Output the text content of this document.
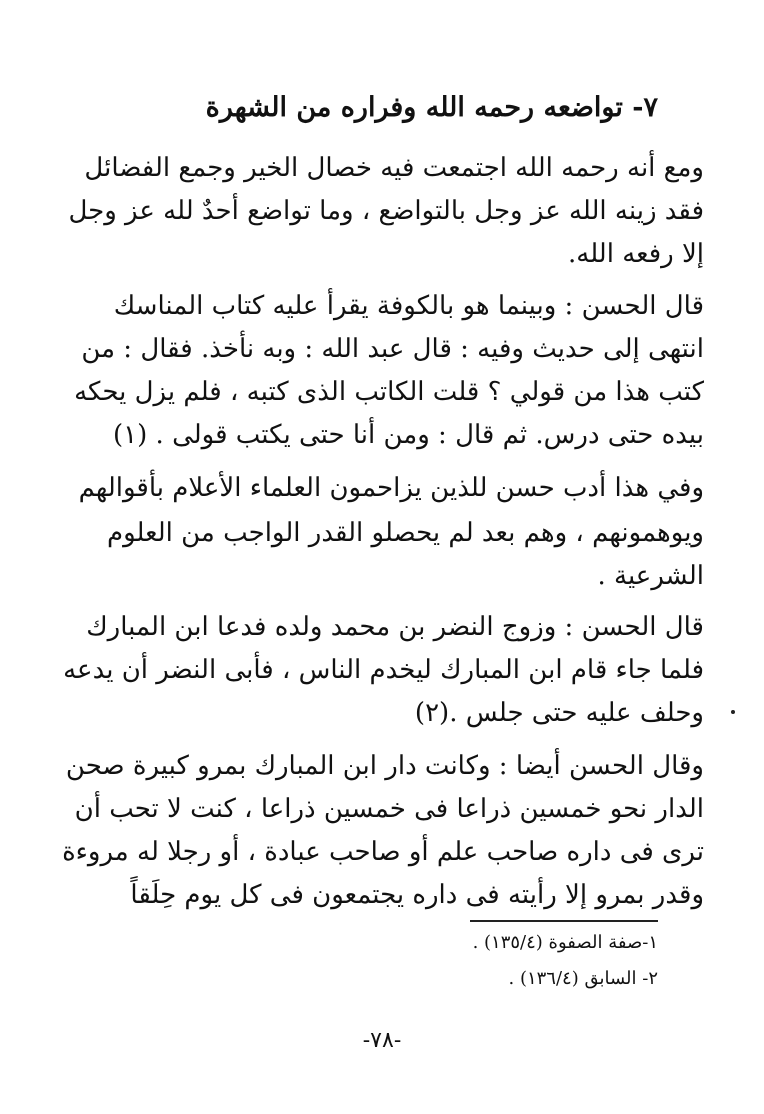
٧- تواضعه رحمه الله وفراره من الشهرة
ومع أنه رحمه الله اجتمعت فيه خصال الخير وجمع الفضائل
فقد زينه الله عز وجل بالتواضع ، وما تواضع أحدٌ لله عز وجل
إلا رفعه الله.
قال الحسن : وبينما هو بالكوفة يقرأ عليه كتاب المناسك
انتهى إلى حديث وفيه : قال عبد الله : وبه نأخذ. فقال : من
كتب هذا من قولي ؟ قلت الكاتب الذى كتبه ، فلم يزل يحكه
بيده حتى درس. ثم قال : ومن أنا حتى يكتب قولى . (١)
وفي هذا أدب حسن للذين يزاحمون العلماء الأعلام بأقوالهم
ويوهمونهم ، وهم بعد لم يحصلو القدر الواجب من العلوم
الشرعية .
قال الحسن : وزوج النضر بن محمد ولده فدعا ابن المبارك
فلما جاء قام ابن المبارك ليخدم الناس ، فأبى النضر أن يدعه
وحلف عليه حتى جلس .(٢)
وقال الحسن أيضا : وكانت دار ابن المبارك بمرو كبيرة صحن
الدار نحو خمسين ذراعا فى خمسين ذراعا ، كنت لا تحب أن
ترى فى داره صاحب علم أو صاحب عبادة ، أو رجلا له مروءة
وقدر بمرو إلا رأيته فى داره يجتمعون فى كل يوم حِلَقاً
١-صفة الصفوة (١٣٥/٤) .
٢- السابق (١٣٦/٤) .
-٧٨-
